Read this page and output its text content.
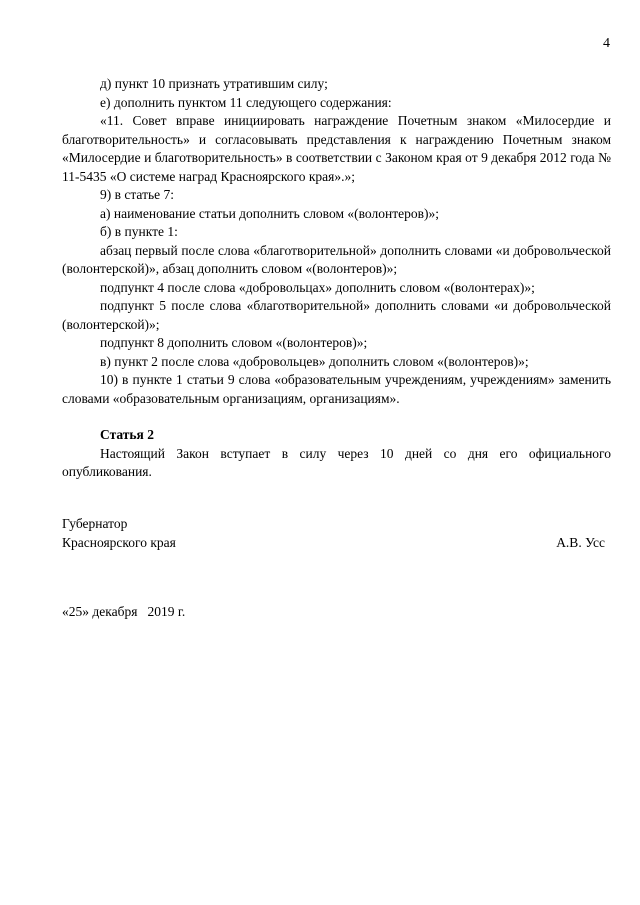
4

д) пункт 10 признать утратившим силу;

е) дополнить пунктом 11 следующего содержания:

«11. Совет вправе инициировать награждение Почетным знаком «Милосердие и благотворительность» и согласовывать представления к награждению Почетным знаком «Милосердие и благотворительность» в соответствии с Законом края от 9 декабря 2012 года № 11-5435 «О системе наград Красноярского края».»;

9) в статье 7:

а) наименование статьи дополнить словом «(волонтеров)»;

б) в пункте 1:

абзац первый после слова «благотворительной» дополнить словами «и добровольческой (волонтерской)», абзац дополнить словом «(волонтеров)»;

подпункт 4 после слова «добровольцах» дополнить словом «(волонтерах)»;

подпункт 5 после слова «благотворительной» дополнить словами «и добровольческой (волонтерской)»;

подпункт 8 дополнить словом «(волонтеров)»;

в) пункт 2 после слова «добровольцев» дополнить словом «(волонтеров)»;

10) в пункте 1 статьи 9 слова «образовательным учреждениям, учреждениям» заменить словами «образовательным организациям, организациям».

Статья 2

Настоящий Закон вступает в силу через 10 дней со дня его официального опубликования.

Губернатор
Красноярского края	А.В. Усс
«25» декабря   2019 г.
